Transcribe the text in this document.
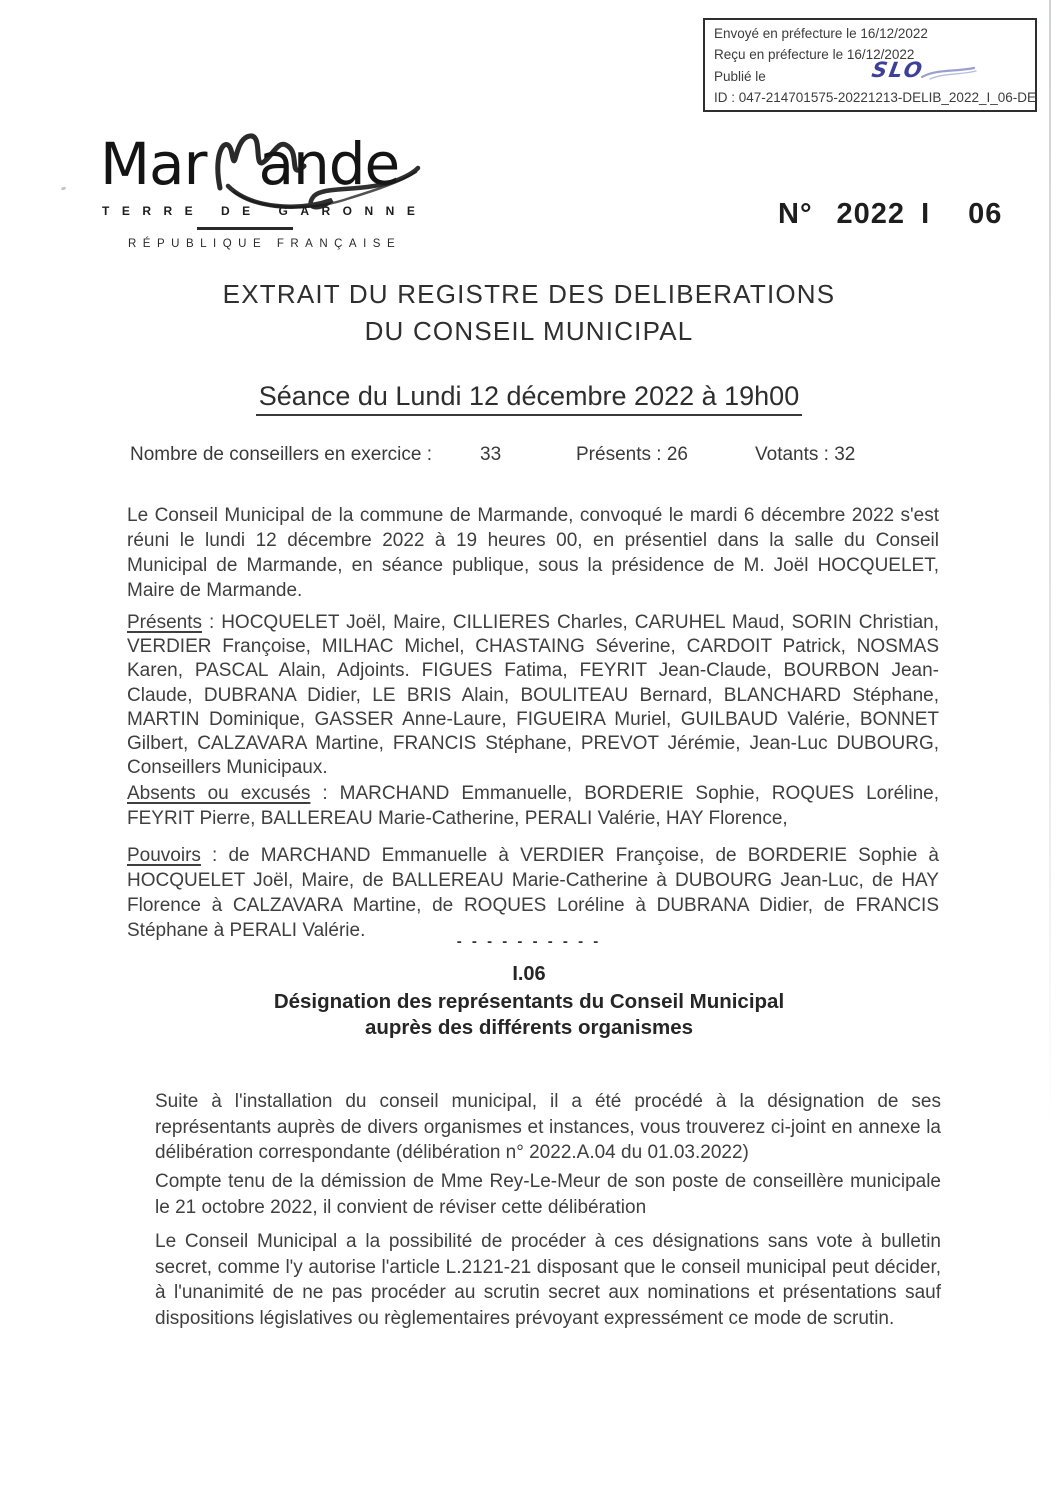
Envoyé en préfecture le 16/12/2022
Reçu en préfecture le 16/12/2022
Publié le	SLO
ID : 047-214701575-20221213-DELIB_2022_I_06-DE
Mar ande
TERRE DE GARONNE
RÉPUBLIQUE FRANÇAISE
N° 2022 I 06
EXTRAIT DU REGISTRE DES DELIBERATIONS
DU CONSEIL MUNICIPAL
Séance du Lundi 12 décembre 2022 à 19h00
Nombre de conseillers en exercice :	33	Présents : 26	Votants : 32

Le Conseil Municipal de la commune de Marmande, convoqué le mardi 6 décembre 2022 s'est réuni le lundi 12 décembre 2022 à 19 heures 00, en présentiel dans la salle du Conseil Municipal de Marmande, en séance publique, sous la présidence de M. Joël HOCQUELET, Maire de Marmande.

Présents : HOCQUELET Joël, Maire, CILLIERES Charles, CARUHEL Maud, SORIN Christian, VERDIER Françoise, MILHAC Michel, CHASTAING Séverine, CARDOIT Patrick, NOSMAS Karen, PASCAL Alain, Adjoints. FIGUES Fatima, FEYRIT Jean-Claude, BOURBON Jean-Claude, DUBRANA Didier, LE BRIS Alain, BOULITEAU Bernard, BLANCHARD Stéphane, MARTIN Dominique, GASSER Anne-Laure, FIGUEIRA Muriel, GUILBAUD Valérie, BONNET Gilbert, CALZAVARA Martine, FRANCIS Stéphane, PREVOT Jérémie, Jean-Luc DUBOURG, Conseillers Municipaux.

Absents ou excusés : MARCHAND Emmanuelle, BORDERIE Sophie, ROQUES Loréline, FEYRIT Pierre, BALLEREAU Marie-Catherine, PERALI Valérie, HAY Florence,

Pouvoirs : de MARCHAND Emmanuelle à VERDIER Françoise, de BORDERIE Sophie à HOCQUELET Joël, Maire, de BALLEREAU Marie-Catherine à DUBOURG Jean-Luc, de HAY Florence à CALZAVARA Martine, de ROQUES Loréline à DUBRANA Didier, de FRANCIS Stéphane à PERALI Valérie.

- - - - - - - - - -
I.06
Désignation des représentants du Conseil Municipal
auprès des différents organismes

Suite à l'installation du conseil municipal, il a été procédé à la désignation de ses représentants auprès de divers organismes et instances, vous trouverez ci-joint en annexe la délibération correspondante (délibération n° 2022.A.04 du 01.03.2022)

Compte tenu de la démission de Mme Rey-Le-Meur de son poste de conseillère municipale le 21 octobre 2022, il convient de réviser cette délibération

Le Conseil Municipal a la possibilité de procéder à ces désignations sans vote à bulletin secret, comme l'y autorise l'article L.2121-21 disposant que le conseil municipal peut décider, à l'unanimité de ne pas procéder au scrutin secret aux nominations et présentations sauf dispositions législatives ou règlementaires prévoyant expressément ce mode de scrutin.
